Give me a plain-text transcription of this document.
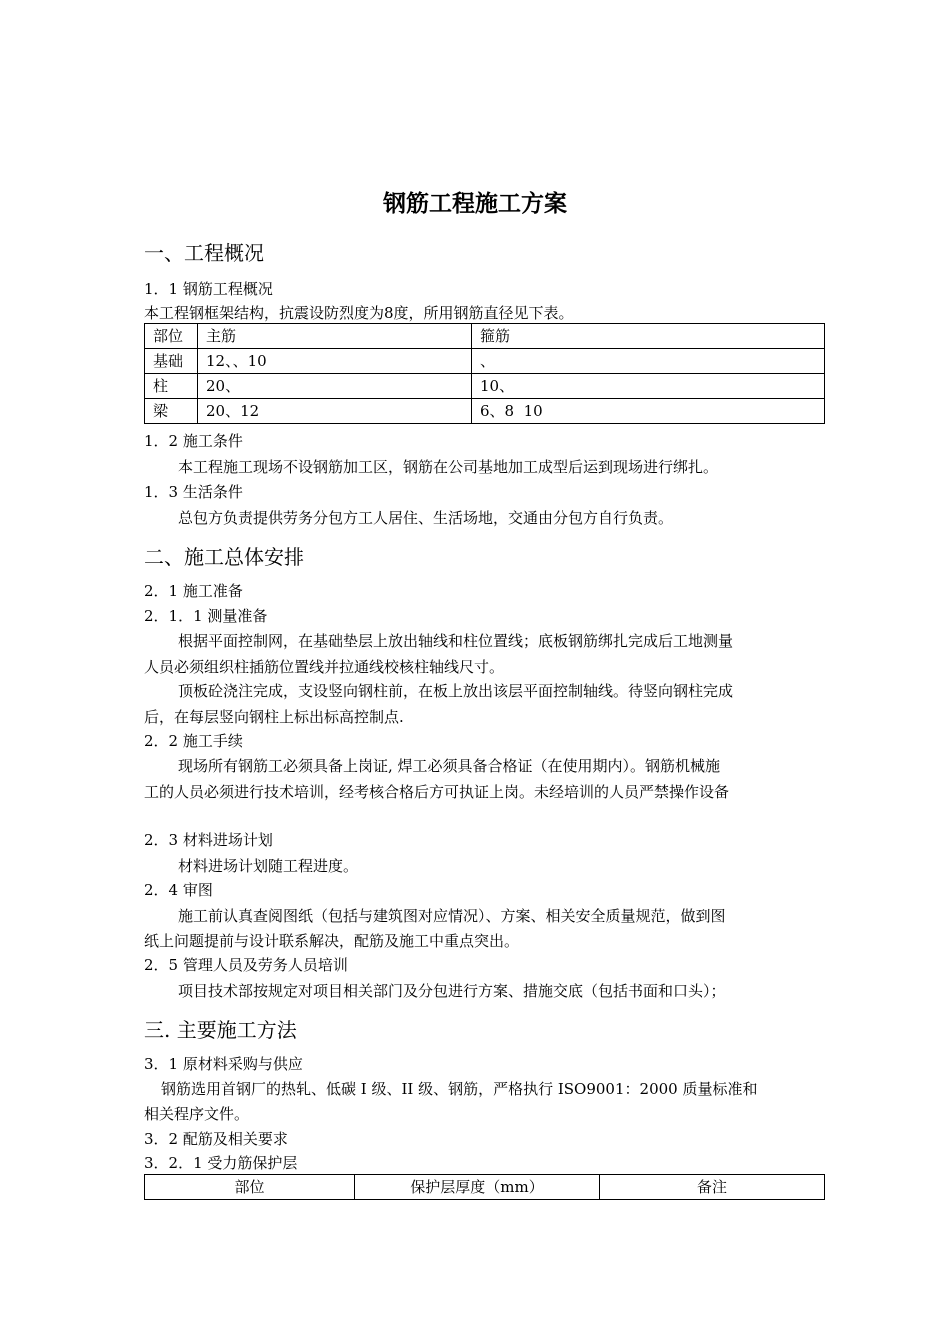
钢筋工程施工方案
一、工程概况
1．1 钢筋工程概况
本工程钢框架结构，抗震设防烈度为8度，所用钢筋直径见下表。
部位	主筋	箍筋
基础	12、、10	、
柱	20、	10、
梁	20、12	6、8  10
1．2 施工条件
本工程施工现场不设钢筋加工区，钢筋在公司基地加工成型后运到现场进行绑扎。
1．3 生活条件
总包方负责提供劳务分包方工人居住、生活场地，交通由分包方自行负责。
二、施工总体安排
2．1 施工准备
2．1．1 测量准备
根据平面控制网，在基础垫层上放出轴线和柱位置线；底板钢筋绑扎完成后工地测量
人员必须组织柱插筋位置线并拉通线校核柱轴线尺寸。
顶板砼浇注完成，支设竖向钢柱前，在板上放出该层平面控制轴线。待竖向钢柱完成
后，在每层竖向钢柱上标出标高控制点.
2．2 施工手续
现场所有钢筋工必须具备上岗证, 焊工必须具备合格证（在使用期内）。钢筋机械施
工的人员必须进行技术培训，经考核合格后方可执证上岗。未经培训的人员严禁操作设备
2．3 材料进场计划
材料进场计划随工程进度。
2．4 审图
施工前认真查阅图纸（包括与建筑图对应情况）、方案、相关安全质量规范，做到图
纸上问题提前与设计联系解决，配筋及施工中重点突出。
2．5 管理人员及劳务人员培训
项目技术部按规定对项目相关部门及分包进行方案、措施交底（包括书面和口头）；
三. 主要施工方法
3．1 原材料采购与供应
钢筋选用首钢厂的热轧、低碳 I 级、II 级、钢筋，严格执行 ISO9001：2000 质量标准和
相关程序文件。
3．2 配筋及相关要求
3．2．1 受力筋保护层
部位	保护层厚度（mm）	备注
